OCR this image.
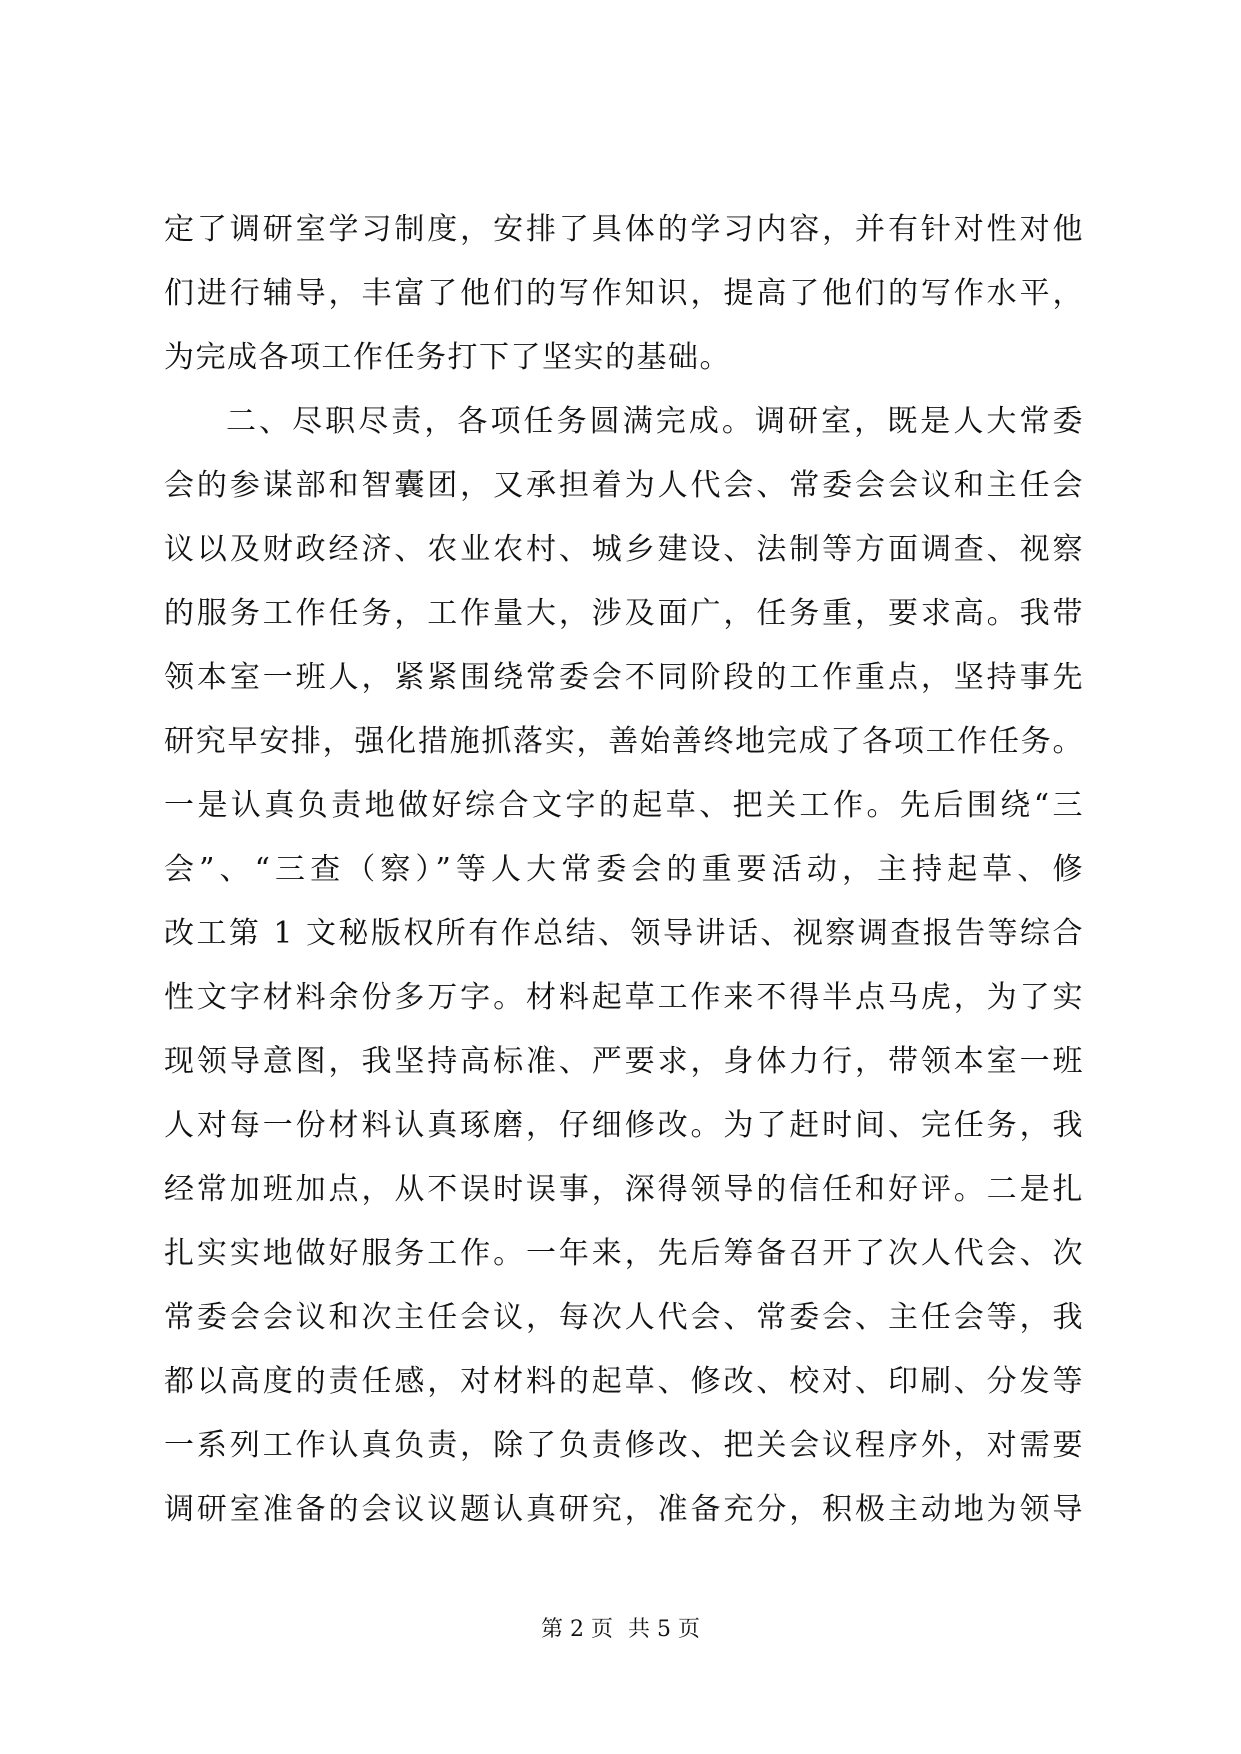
定了调研室学习制度，安排了具体的学习内容，并有针对性对他
们进行辅导，丰富了他们的写作知识，提高了他们的写作水平，
为完成各项工作任务打下了坚实的基础。
二、尽职尽责，各项任务圆满完成。调研室，既是人大常委
会的参谋部和智囊团，又承担着为人代会、常委会会议和主任会
议以及财政经济、农业农村、城乡建设、法制等方面调查、视察
的服务工作任务，工作量大，涉及面广，任务重，要求高。我带
领本室一班人，紧紧围绕常委会不同阶段的工作重点，坚持事先
研究早安排，强化措施抓落实，善始善终地完成了各项工作任务。
一是认真负责地做好综合文字的起草、把关工作。先后围绕“三
会”、“三查（察）”等人大常委会的重要活动，主持起草、修
改工第 1 文秘版权所有作总结、领导讲话、视察调查报告等综合
性文字材料余份多万字。材料起草工作来不得半点马虎，为了实
现领导意图，我坚持高标准、严要求，身体力行，带领本室一班
人对每一份材料认真琢磨，仔细修改。为了赶时间、完任务，我
经常加班加点，从不误时误事，深得领导的信任和好评。二是扎
扎实实地做好服务工作。一年来，先后筹备召开了次人代会、次
常委会会议和次主任会议，每次人代会、常委会、主任会等，我
都以高度的责任感，对材料的起草、修改、校对、印刷、分发等
一系列工作认真负责，除了负责修改、把关会议程序外，对需要
调研室准备的会议议题认真研究，准备充分，积极主动地为领导
第 2 页 共 5 页
